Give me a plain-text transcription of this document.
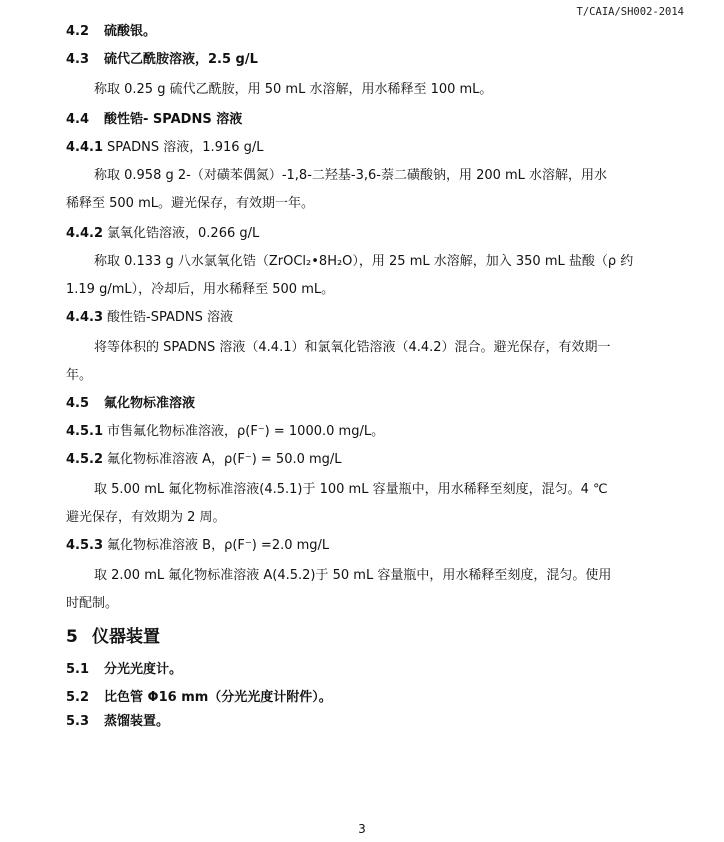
T/CAIA/SH002-2014
4.2 硫酸银。
4.3 硫代乙酰胺溶液，2.5 g/L
称取 0.25 g 硫代乙酰胺，用 50 mL 水溶解，用水稀释至 100 mL。
4.4 酸性锆- SPADNS 溶液
4.4.1 SPADNS 溶液，1.916 g/L
称取 0.958 g 2-（对磺苯偶氮）-1,8-二羟基-3,6-萘二磺酸钠，用 200 mL 水溶解，用水
稀释至 500 mL。避光保存，有效期一年。
4.4.2 氯氧化锆溶液，0.266 g/L
称取 0.133 g 八水氯氧化锆（ZrOCl₂•8H₂O），用 25 mL 水溶解，加入 350 mL 盐酸（ρ 约
1.19 g/mL），冷却后，用水稀释至 500 mL。
4.4.3 酸性锆-SPADNS 溶液
将等体积的 SPADNS 溶液（4.4.1）和氯氧化锆溶液（4.4.2）混合。避光保存，有效期一
年。
4.5 氟化物标准溶液
4.5.1 市售氟化物标准溶液，ρ(F⁻) = 1000.0 mg/L。
4.5.2 氟化物标准溶液 A，ρ(F⁻) = 50.0 mg/L
取 5.00 mL 氟化物标准溶液(4.5.1)于 100 mL 容量瓶中，用水稀释至刻度，混匀。4 ℃
避光保存，有效期为 2 周。
4.5.3 氟化物标准溶液 B，ρ(F⁻) =2.0 mg/L
取 2.00 mL 氟化物标准溶液 A(4.5.2)于 50 mL 容量瓶中，用水稀释至刻度，混匀。使用
时配制。
5 仪器装置
5.1 分光光度计。
5.2 比色管 Φ16 mm（分光光度计附件）。
5.3 蒸馏装置。
3
